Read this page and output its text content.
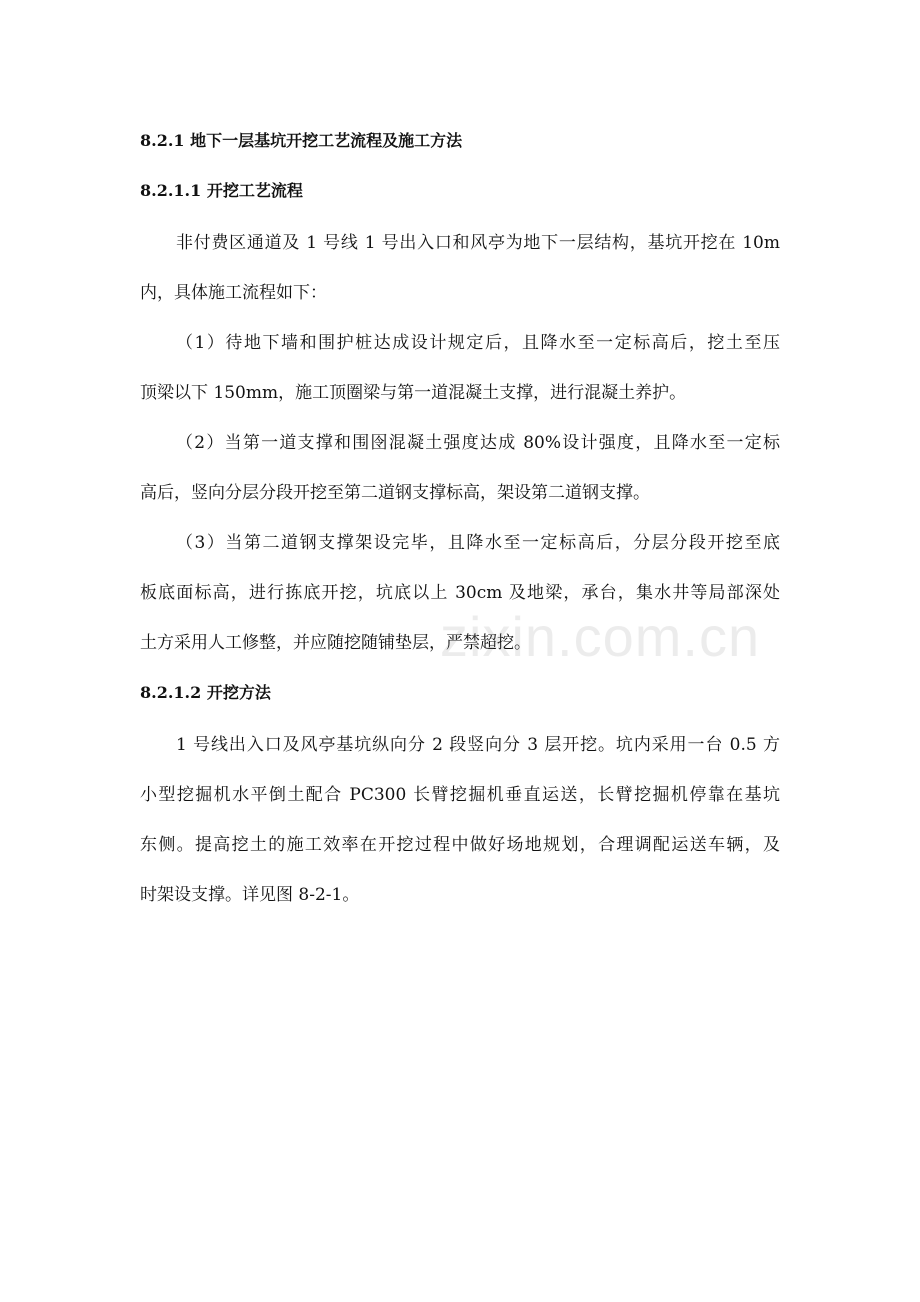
8.2.1 地下一层基坑开挖工艺流程及施工方法
8.2.1.1 开挖工艺流程
非付费区通道及 1 号线 1 号出入口和风亭为地下一层结构，基坑开挖在 10m
内，具体施工流程如下：
（1）待地下墙和围护桩达成设计规定后，且降水至一定标高后，挖土至压
顶梁以下 150mm，施工顶圈梁与第一道混凝土支撑，进行混凝土养护。
（2）当第一道支撑和围囹混凝土强度达成 80%设计强度，且降水至一定标
高后，竖向分层分段开挖至第二道钢支撑标高，架设第二道钢支撑。
（3）当第二道钢支撑架设完毕，且降水至一定标高后，分层分段开挖至底
板底面标高，进行拣底开挖，坑底以上 30cm 及地梁，承台，集水井等局部深处
土方采用人工修整，并应随挖随铺垫层，严禁超挖。
8.2.1.2 开挖方法
1 号线出入口及风亭基坑纵向分 2 段竖向分 3 层开挖。坑内采用一台 0.5 方
小型挖掘机水平倒土配合 PC300 长臂挖掘机垂直运送，长臂挖掘机停靠在基坑
东侧。提高挖土的施工效率在开挖过程中做好场地规划，合理调配运送车辆，及
时架设支撑。详见图 8-2-1。
zixin.com.cn
